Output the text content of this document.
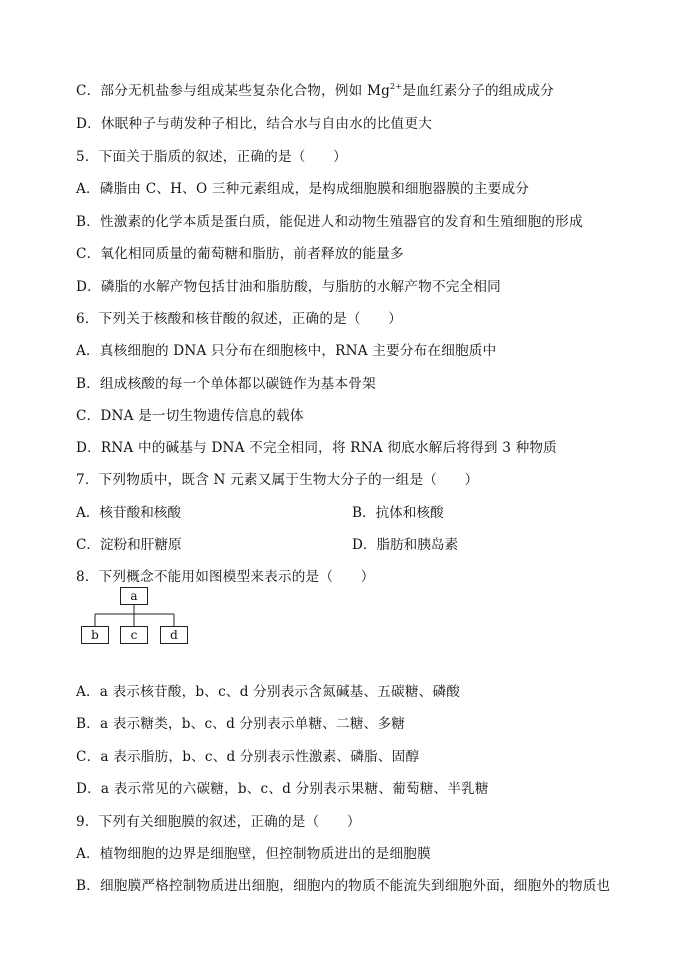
C．部分无机盐参与组成某些复杂化合物，例如 $Mg^{2+}$是血红素分子的组成成分
D．休眠种子与萌发种子相比，结合水与自由水的比值更大
5．下面关于脂质的叙述，正确的是（　　）
A．磷脂由 C、H、O 三种元素组成，是构成细胞膜和细胞器膜的主要成分
B．性激素的化学本质是蛋白质，能促进人和动物生殖器官的发育和生殖细胞的形成
C．氧化相同质量的葡萄糖和脂肪，前者释放的能量多
D．磷脂的水解产物包括甘油和脂肪酸，与脂肪的水解产物不完全相同
6．下列关于核酸和核苷酸的叙述，正确的是（　　）
A．真核细胞的 DNA 只分布在细胞核中，RNA 主要分布在细胞质中
B．组成核酸的每一个单体都以碳链作为基本骨架
C．DNA 是一切生物遗传信息的载体
D．RNA 中的碱基与 DNA 不完全相同，将 RNA 彻底水解后将得到 3 种物质
7．下列物质中，既含 N 元素又属于生物大分子的一组是（　　）
A．核苷酸和核酸	B．抗体和核酸
C．淀粉和肝糖原	D．脂肪和胰岛素
8．下列概念不能用如图模型来表示的是（　　）
a
b	c	d
A．a 表示核苷酸，b、c、d 分别表示含氮碱基、五碳糖、磷酸
B．a 表示糖类，b、c、d 分别表示单糖、二糖、多糖
C．a 表示脂肪，b、c、d 分别表示性激素、磷脂、固醇
D．a 表示常见的六碳糖，b、c、d 分别表示果糖、葡萄糖、半乳糖
9．下列有关细胞膜的叙述，正确的是（　　）
A．植物细胞的边界是细胞壁，但控制物质进出的是细胞膜
B．细胞膜严格控制物质进出细胞，细胞内的物质不能流失到细胞外面，细胞外的物质也
